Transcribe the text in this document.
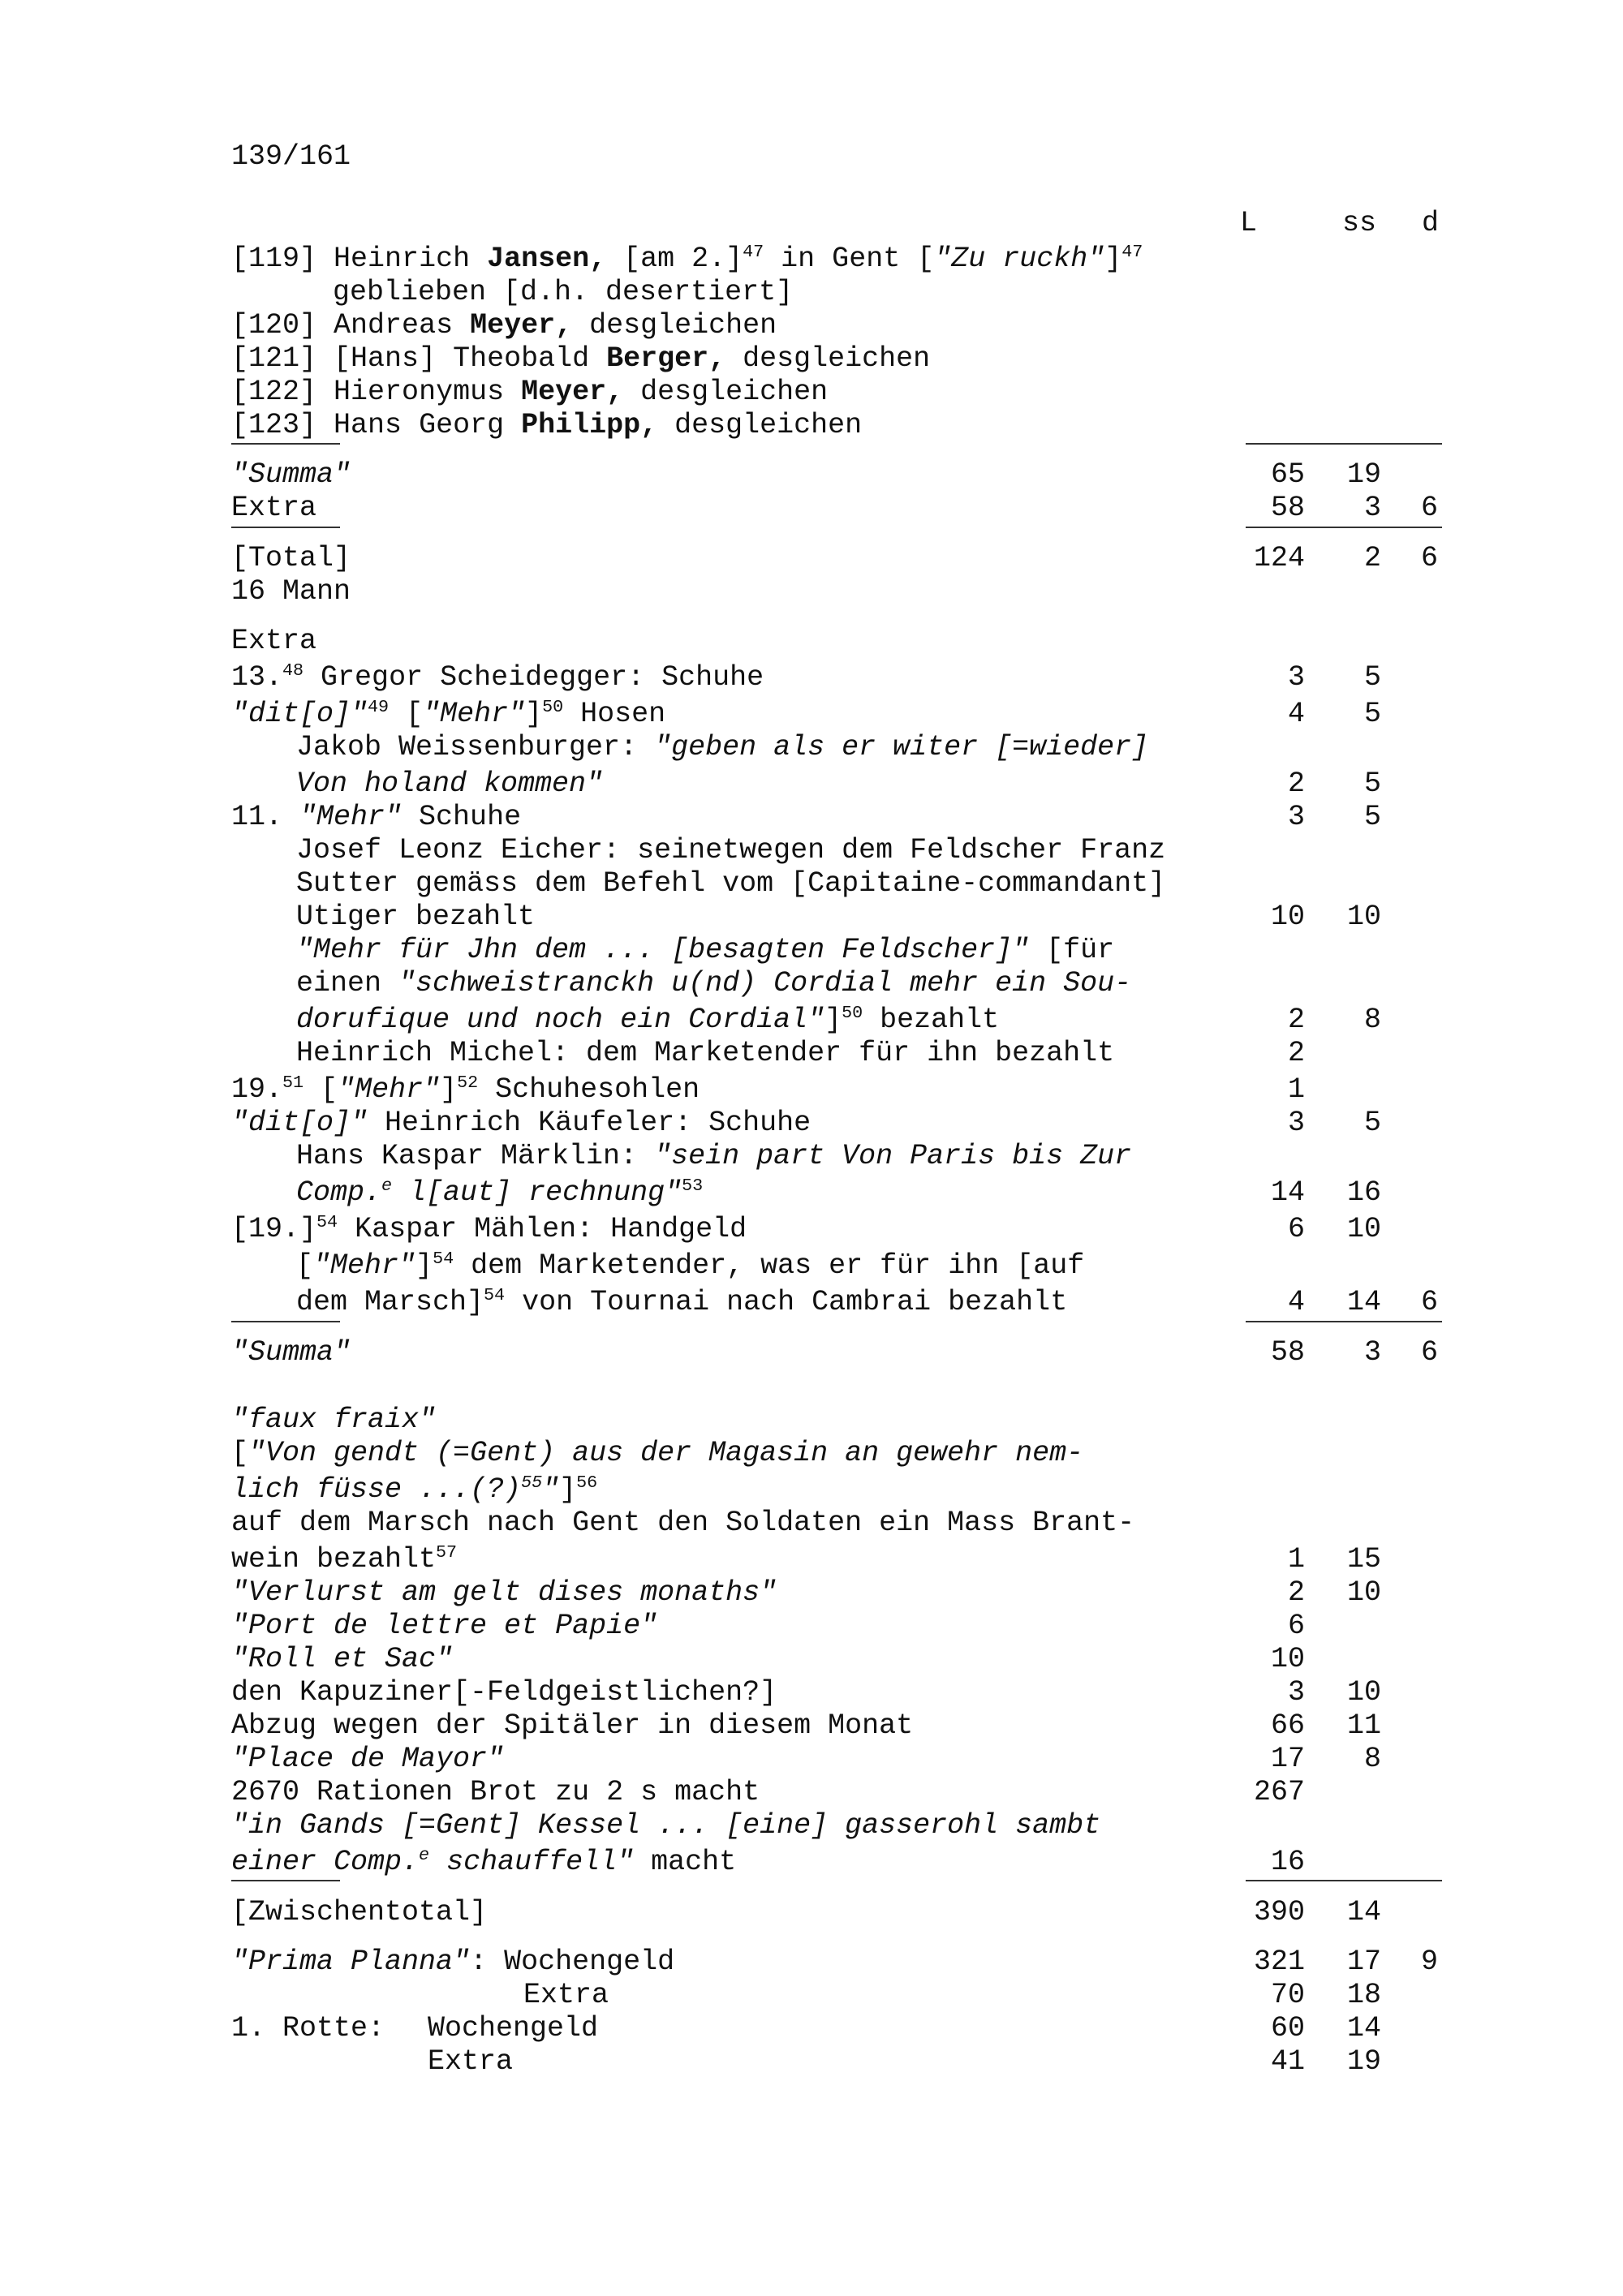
139/161
L	ss d
[119] Heinrich Jansen, [am 2.]$^{47}$ in Gent ["Zu ruckh"]$^{47}$
geblieben [d.h. desertiert]
[120] Andreas Meyer, desgleichen
[121] [Hans] Theobald Berger, desgleichen
[122] Hieronymus Meyer, desgleichen
[123] Hans Georg Philipp, desgleichen
"Summa"	65	19
Extra	58	3	6
[Total]	124	2	6
16 Mann
Extra
13.48 Gregor Scheidegger: Schuhe	3	5
"dit[o]"$^{49}$ ["Mehr"]$^{50}$ Hosen	4	5
Jakob Weissenburger: "geben als er witer [=wieder]
Von holand kommen"	2	5
11. "Mehr" Schuhe	3	5
Josef Leonz Eicher: seinetwegen dem Feldscher Franz
Sutter gemäss dem Befehl vom [Capitaine-commandant]
Utiger bezahlt	10	10
"Mehr für Jhn dem ... [besagten Feldscher]" [für
einen "schweistranckh u(nd) Cordial mehr ein Sou-
dorufique und noch ein Cordial"]$^{50}$ bezahlt	2	8
Heinrich Michel: dem Marketender für ihn bezahlt	2
19.51 ["Mehr"]$^{52}$ Schuhesohlen	1
"dit[o]" Heinrich Käufeler: Schuhe	3	5
Hans Kaspar Märklin: "sein part Von Paris bis Zur
Comp.$^e$ l[aut] rechnung"$^{53}$	14	16
$[19.]^{54}$ Kaspar Mählen: Handgeld	6	10
["Mehr"]$^{54}$ dem Marketender, was er für ihn [auf
dem Marsch]$^{54}$ von Tournai nach Cambrai bezahlt	4	14	6
"Summa"	58	3	6
"faux fraix"
["Von gendt (=Gent) aus der Magasin an gewehr nem-
lich füsse ...(?)$^{55}$"]$^{56}$
auf dem Marsch nach Gent den Soldaten ein Mass Brant-
wein bezahlt$^{57}$	1	15
"Verlurst am gelt dises monaths"	2	10
"Port de lettre et Papie"	6
"Roll et Sac"	10
den Kapuziner[-Feldgeistlichen?]	3	10
Abzug wegen der Spitäler in diesem Monat	66	11
"Place de Mayor"	17	8
2670 Rationen Brot zu 2 s macht	267
"in Gands [=Gent] Kessel ... [eine] gasserohl sambt
einer Comp.$^e$ schauffell" macht	16
[Zwischentotal]	390	14
"Prima Planna": Wochengeld	321	17	9
Extra	70	18
1. Rotte: Wochengeld	60	14
Extra	41	19
